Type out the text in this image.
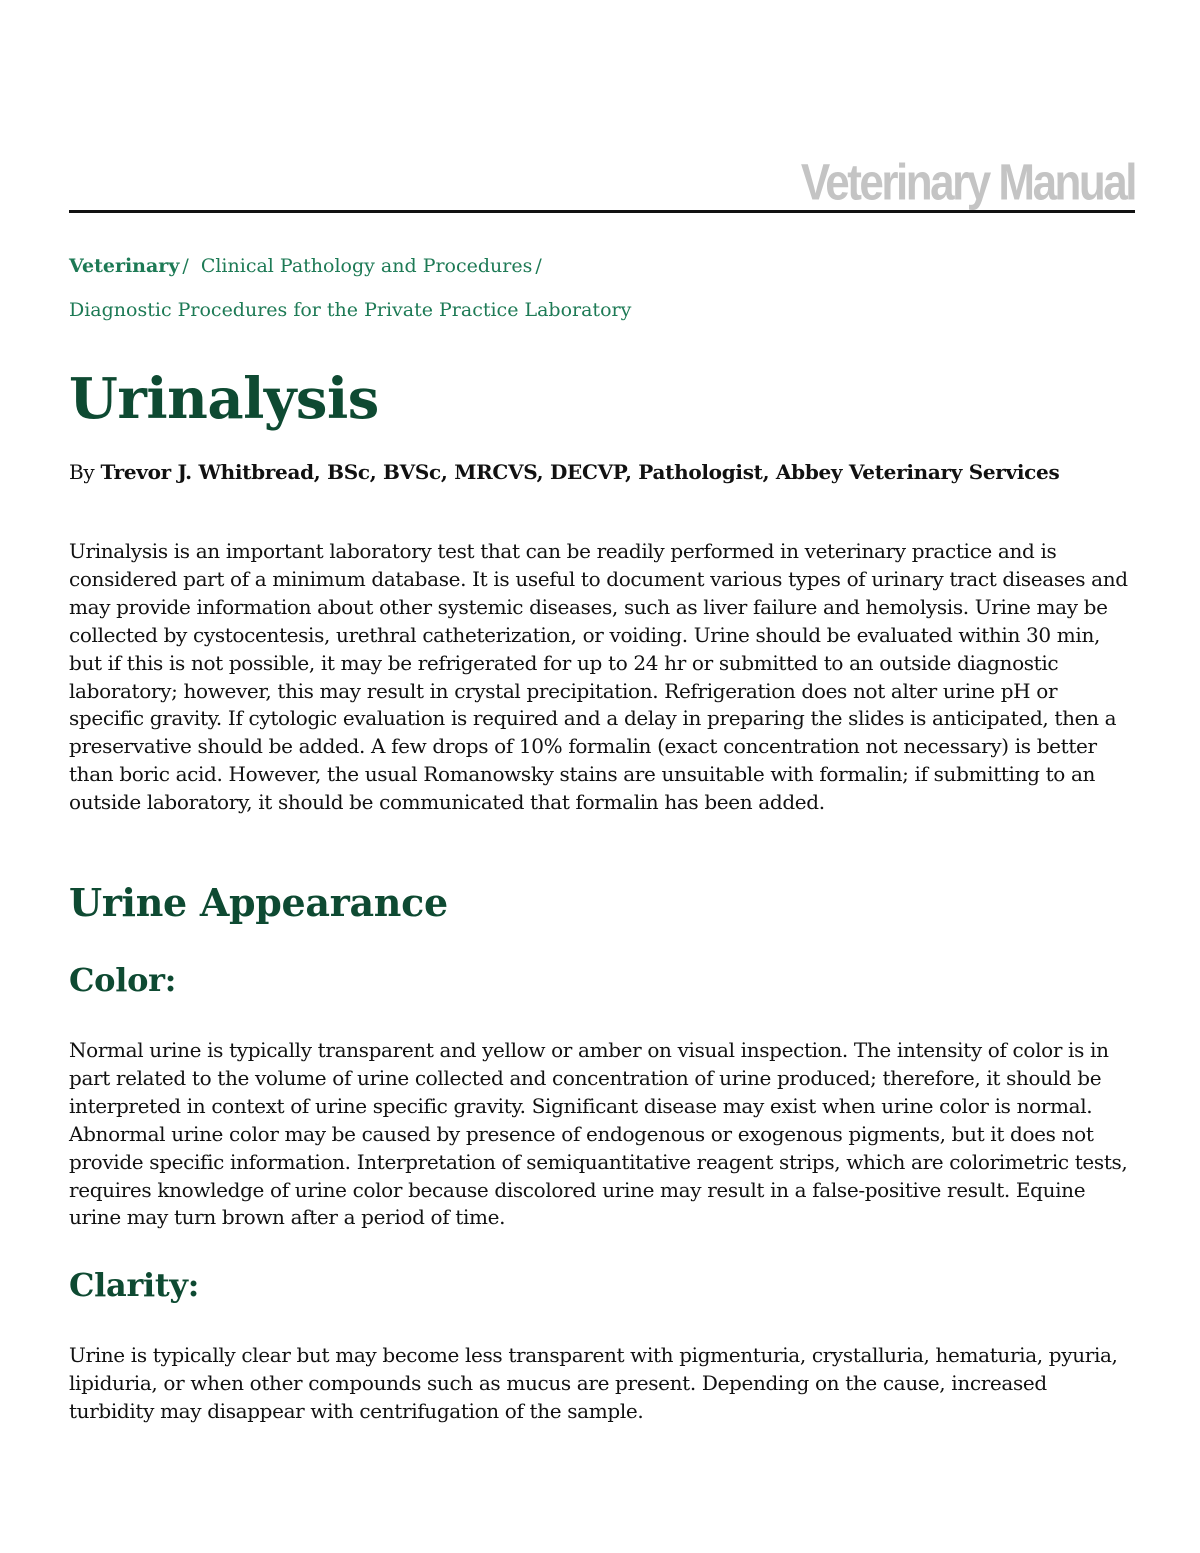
Veterinary Manual
Veterinary / Clinical Pathology and Procedures /
Diagnostic Procedures for the Private Practice Laboratory
Urinalysis
By Trevor J. Whitbread, BSc, BVSc, MRCVS, DECVP, Pathologist, Abbey Veterinary Services

Urinalysis is an important laboratory test that can be readily performed in veterinary practice and is considered part of a minimum database. It is useful to document various types of urinary tract diseases and may provide information about other systemic diseases, such as liver failure and hemolysis. Urine may be collected by cystocentesis, urethral catheterization, or voiding. Urine should be evaluated within 30 min, but if this is not possible, it may be refrigerated for up to 24 hr or submitted to an outside diagnostic laboratory; however, this may result in crystal precipitation. Refrigeration does not alter urine pH or specific gravity. If cytologic evaluation is required and a delay in preparing the slides is anticipated, then a preservative should be added. A few drops of 10% formalin (exact concentration not necessary) is better than boric acid. However, the usual Romanowsky stains are unsuitable with formalin; if submitting to an outside laboratory, it should be communicated that formalin has been added.

Urine Appearance
Color:

Normal urine is typically transparent and yellow or amber on visual inspection. The intensity of color is in part related to the volume of urine collected and concentration of urine produced; therefore, it should be interpreted in context of urine specific gravity. Significant disease may exist when urine color is normal. Abnormal urine color may be caused by presence of endogenous or exogenous pigments, but it does not provide specific information. Interpretation of semiquantitative reagent strips, which are colorimetric tests, requires knowledge of urine color because discolored urine may result in a false-positive result. Equine urine may turn brown after a period of time.

Clarity:

Urine is typically clear but may become less transparent with pigmenturia, crystalluria, hematuria, pyuria, lipiduria, or when other compounds such as mucus are present. Depending on the cause, increased turbidity may disappear with centrifugation of the sample.
